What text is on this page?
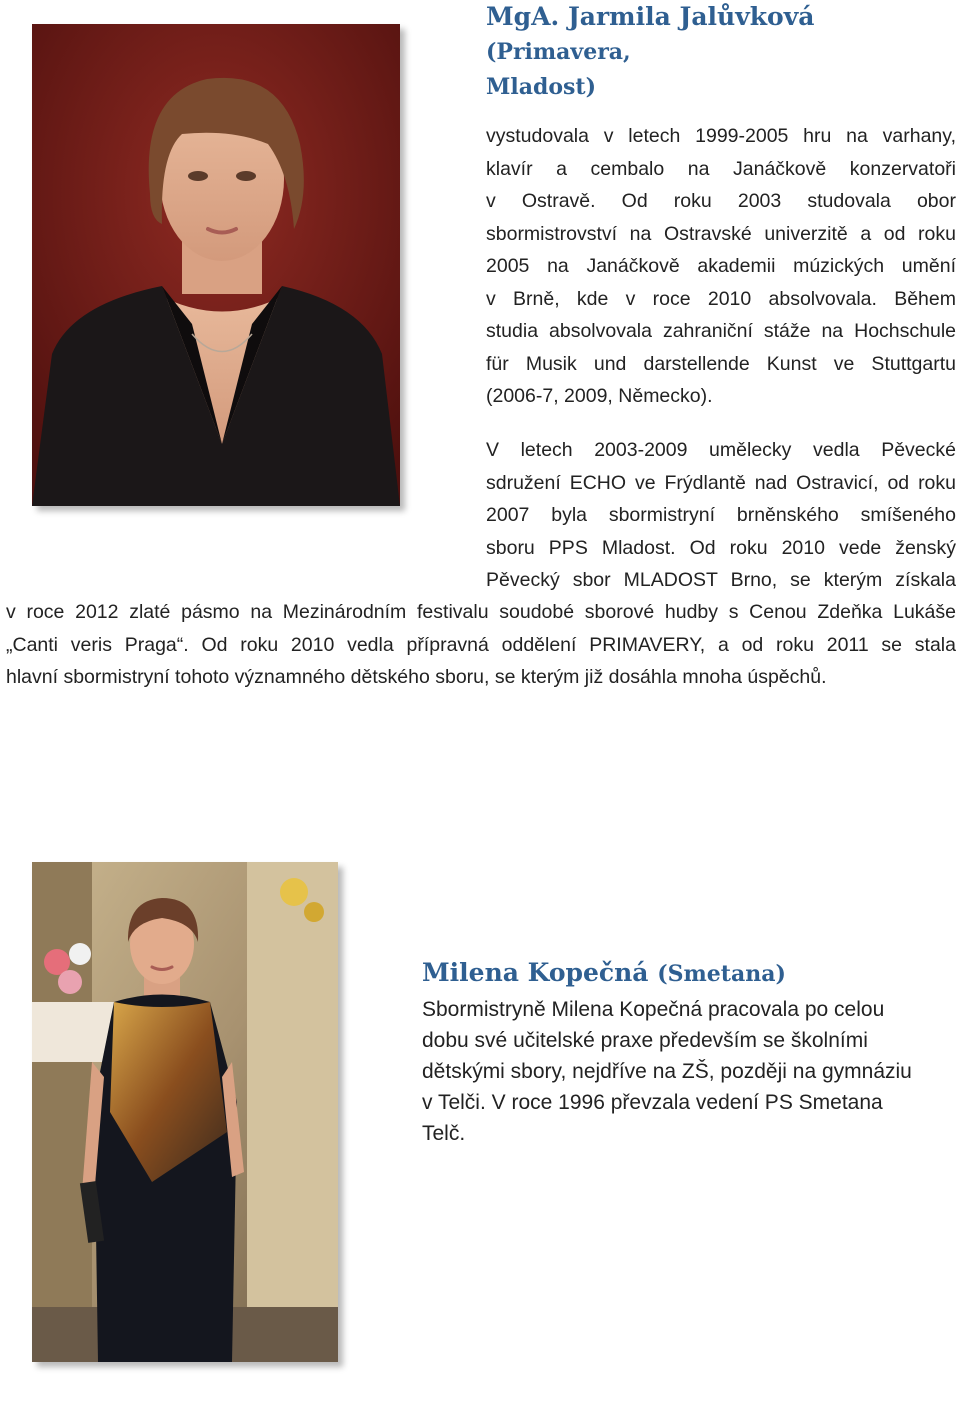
MgA. Jarmila Jalůvková (Primavera,
Mladost)
vystudovala v letech 1999-2005 hru na varhany,
klavír a cembalo na Janáčkově konzervatoři
v Ostravě. Od roku 2003 studovala obor
sbormistrovství na Ostravské univerzitě a od roku
2005 na Janáčkově akademii múzických umění
v Brně, kde v roce 2010 absolvovala. Během
studia absolvovala zahraniční stáže na Hochschule
für Musik und darstellende Kunst ve Stuttgartu
(2006-7, 2009, Německo).
V letech 2003-2009 umělecky vedla Pěvecké
sdružení ECHO ve Frýdlantě nad Ostravicí, od roku
2007 byla sbormistryní brněnského smíšeného
sboru PPS Mladost. Od roku 2010 vede ženský
Pěvecký sbor MLADOST Brno, se kterým získala
v roce 2012 zlaté pásmo na Mezinárodním festivalu soudobé sborové hudby s Cenou Zdeňka Lukáše
„Canti veris Praga“. Od roku 2010 vedla přípravná oddělení PRIMAVERY, a od roku 2011 se stala
hlavní sbormistryní tohoto významného dětského sboru, se kterým již dosáhla mnoha úspěchů.
Milena Kopečná (Smetana)
Sbormistryně Milena Kopečná pracovala po celou
dobu své učitelské praxe především se školními
dětskými sbory, nejdříve na ZŠ, později na gymnáziu
v Telči. V roce 1996 převzala vedení PS Smetana
Telč.
